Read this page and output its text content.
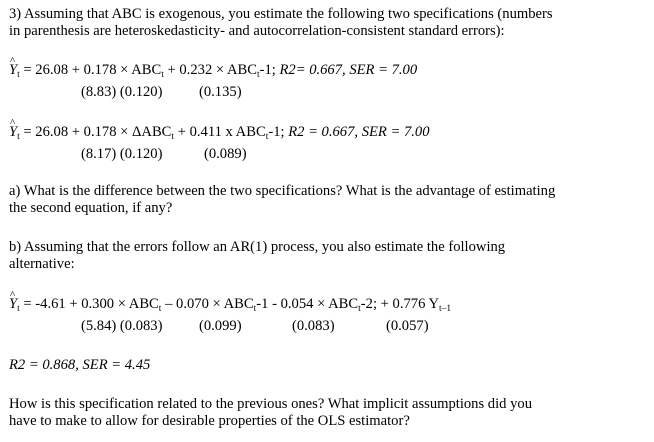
3) Assuming that ABC is exogenous, you estimate the following two specifications (numbers
in parenthesis are heteroskedasticity- and autocorrelation-consistent standard errors):
^ $Y_t = 26.08 + 0.178 \times ABC_t + 0.232 \times ABC_t-1$; R2= 0.667, SER = 7.00
(8.83) (0.120)	(0.135)
^ $Y_t = 26.08 + 0.178 \times \Delta ABC_t + 0.411$ x $ABC_t-1$; R2 = 0.667, SER = 7.00
(8.17) (0.120)	(0.089)
a) What is the difference between the two specifications? What is the advantage of estimating
the second equation, if any?
b) Assuming that the errors follow an AR(1) process, you also estimate the following
alternative:
^ $Y_t = -4.61 + 0.300 \times ABC_t - 0.070 \times ABC_t-1 - 0.054 \times ABC_t-2$; + 0.776 $Y_{t-1}$
(5.84) (0.083)	(0.099)	(0.083)	(0.057)
R2 = 0.868, SER = 4.45
How is this specification related to the previous ones? What implicit assumptions did you
have to make to allow for desirable properties of the OLS estimator?
